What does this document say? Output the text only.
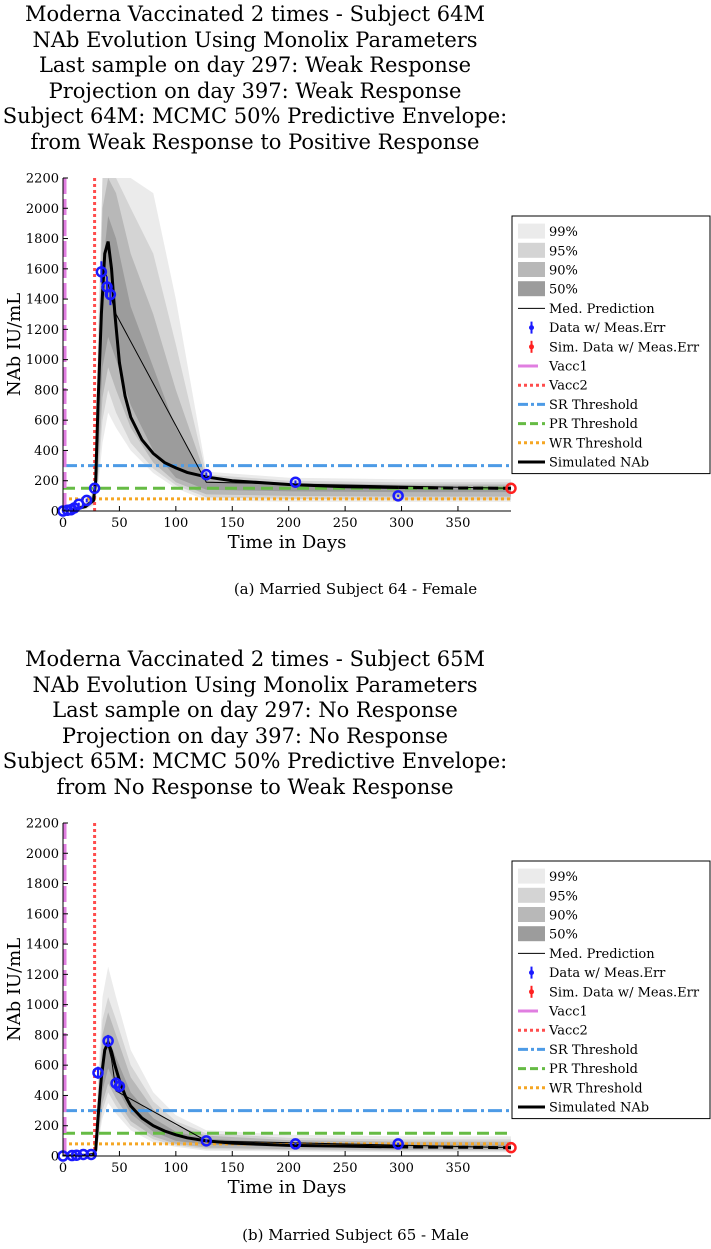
Moderna Vaccinated 2 times - Subject 64M
NAb Evolution Using Monolix Parameters
Last sample on day 297: Weak Response
Projection on day 397: Weak Response
Subject 64M: MCMC 50% Predictive Envelope:
from Weak Response to Positive Response
0
200
400
600
800
1000
1200
1400
1600
1800
2000
2200
0	50	100 150 200 250 300 350
Time in Days
NAb IU/mL
99%
95%
90%
50%
Med. Prediction
Data w/ Meas.Err
Sim. Data w/ Meas.Err
Vacc1
Vacc2
SR Threshold
PR Threshold
WR Threshold
Simulated NAb
(a) Married Subject 64 - Female
Moderna Vaccinated 2 times - Subject 65M
NAb Evolution Using Monolix Parameters
Last sample on day 297: No Response
Projection on day 397: No Response
Subject 65M: MCMC 50% Predictive Envelope:
from No Response to Weak Response
0
200
400
600
800
1000
1200
1400
1600
1800
2000
2200
0	50	100 150 200 250 300 350
Time in Days
NAb IU/mL
99%
95%
90%
50%
Med. Prediction
Data w/ Meas.Err
Sim. Data w/ Meas.Err
Vacc1
Vacc2
SR Threshold
PR Threshold
WR Threshold
Simulated NAb
(b) Married Subject 65 - Male
